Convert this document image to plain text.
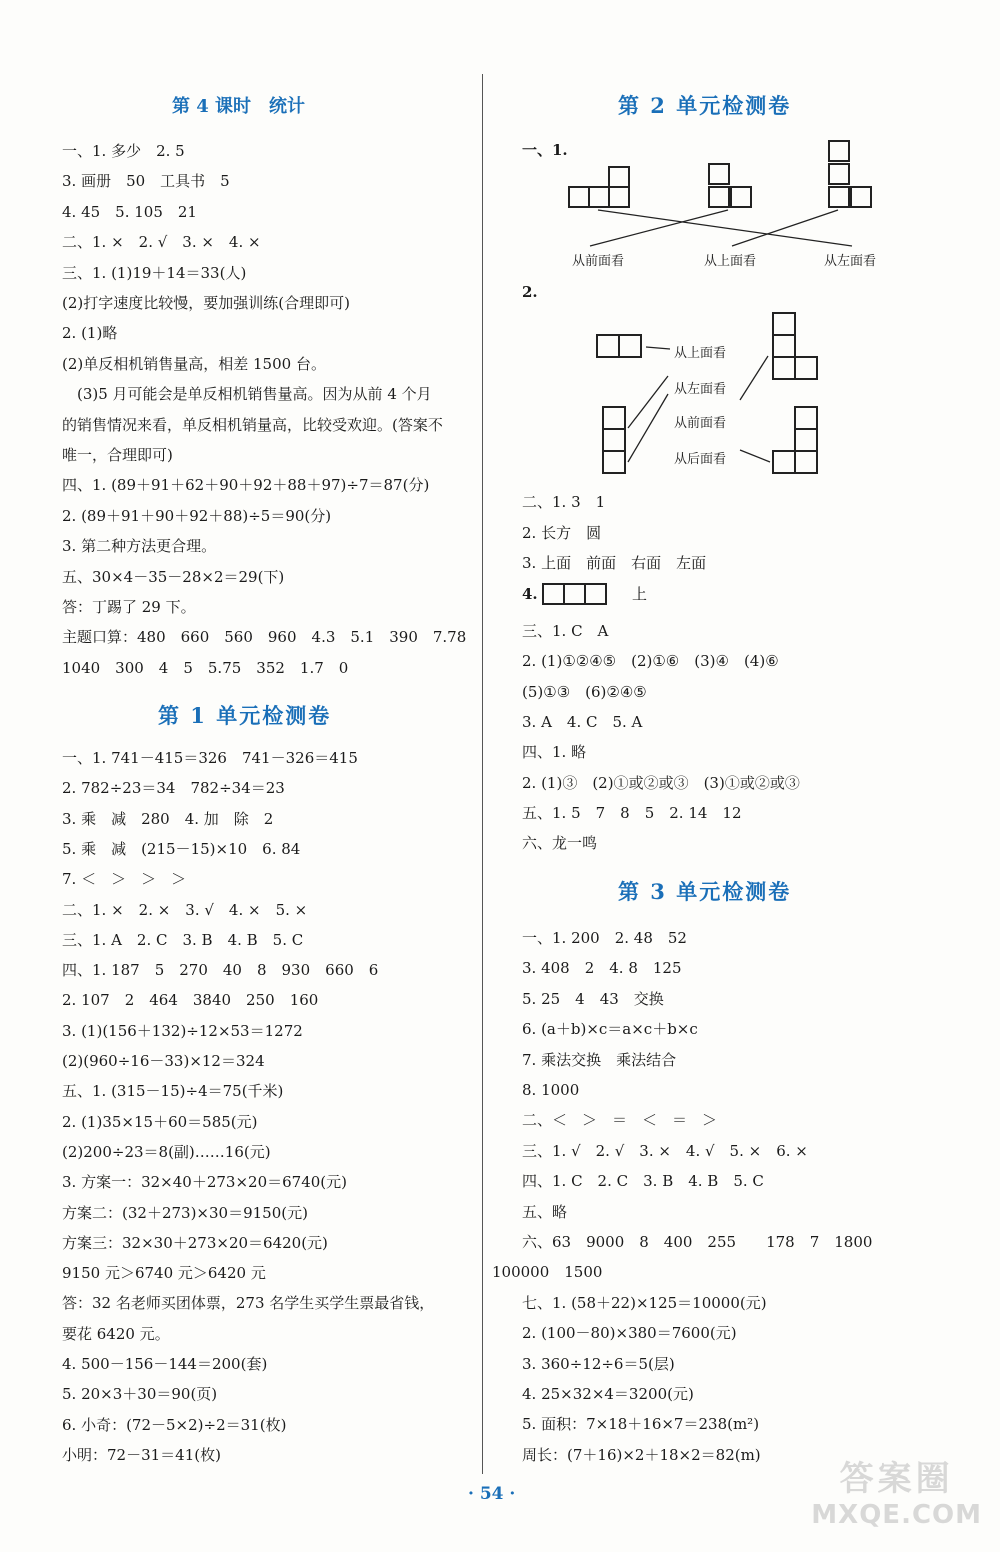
第 4 课时　统计
一、1. 多少　2. 5
3. 画册　50　工具书　5
4. 45　5. 105　21
二、1. ×　2. √　3. ×　4. ×
三、1. (1)19＋14＝33(人)
(2)打字速度比较慢，要加强训练(合理即可)
2. (1)略
(2)单反相机销售量高，相差 1500 台。
　(3)5 月可能会是单反相机销售量高。因为从前 4 个月
的销售情况来看，单反相机销量高，比较受欢迎。(答案不
唯一，合理即可)
四、1. (89＋91＋62＋90＋92＋88＋97)÷7＝87(分)
2. (89＋91＋90＋92＋88)÷5＝90(分)
3. 第二种方法更合理。
五、30×4－35－28×2＝29(下)
答：丁踢了 29 下。
主题口算：480　660　560　960　4.3　5.1　390　7.78
1040　300　4　5　5.75　352　1.7　0
第 1 单元检测卷
一、1. 741－415＝326　741－326＝415
2. 782÷23＝34　782÷34＝23
3. 乘　减　280　4. 加　除　2
5. 乘　减　(215－15)×10　6. 84
7. ＜　＞　＞　＞
二、1. ×　2. ×　3. √　4. ×　5. ×
三、1. A　2. C　3. B　4. B　5. C
四、1. 187　5　270　40　8　930　660　6
2. 107　2　464　3840　250　160
3. (1)(156＋132)÷12×53＝1272
(2)(960÷16－33)×12＝324
五、1. (315－15)÷4＝75(千米)
2. (1)35×15＋60＝585(元)
(2)200÷23＝8(副)……16(元)
3. 方案一：32×40＋273×20＝6740(元)
方案二：(32＋273)×30＝9150(元)
方案三：32×30＋273×20＝6420(元)
9150 元＞6740 元＞6420 元
答：32 名老师买团体票，273 名学生买学生票最省钱，
要花 6420 元。
4. 500－156－144＝200(套)
5. 20×3＋30＝90(页)
6. 小奇：(72－5×2)÷2＝31(枚)
小明：72－31＝41(枚)
第 2 单元检测卷
一、1.
从前面看	从上面看	从左面看
2.
从上面看
从左面看
从前面看
从后面看
二、1. 3　1
2. 长方　圆
3. 上面　前面　右面　左面
4.	上
三、1. C　A
2. (1)①②④⑤　(2)①⑥　(3)④　(4)⑥
(5)①③　(6)②④⑤
3. A　4. C　5. A
四、1. 略
2. (1)③　(2)①或②或③　(3)①或②或③
五、1. 5　7　8　5　2. 14　12
六、龙一鸣
第 3 单元检测卷
一、1. 200　2. 48　52
3. 408　2　4. 8　125
5. 25　4　43　交换
6. (a＋b)×c＝a×c＋b×c
7. 乘法交换　乘法结合
8. 1000
二、＜　＞　＝　＜　＝　＞
三、1. √　2. √　3. ×　4. √　5. ×　6. ×
四、1. C　2. C　3. B　4. B　5. C
五、略
六、63　9000　8　400　255　　178　7　1800
100000　1500
七、1. (58＋22)×125＝10000(元)
2. (100－80)×380＝7600(元)
3. 360÷12÷6＝5(层)
4. 25×32×4＝3200(元)
5. 面积：7×18＋16×7＝238(m²)
周长：(7＋16)×2＋18×2＝82(m)
· 54 ·	答案圈
MXQE.COM
